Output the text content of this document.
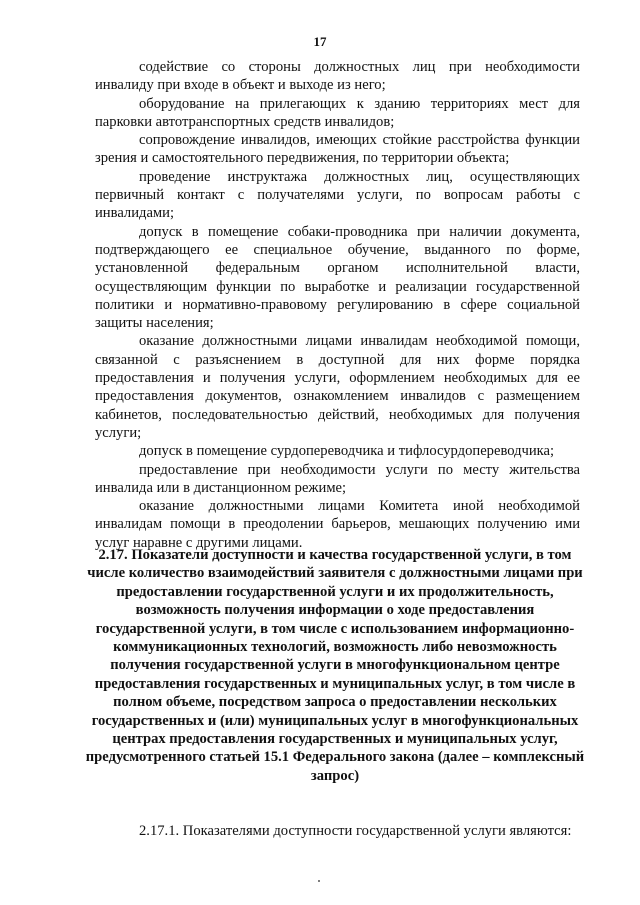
17

содействие со стороны должностных лиц при необходимости инвалиду при входе в объект и выходе из него;

оборудование на прилегающих к зданию территориях мест для парковки автотранспортных средств инвалидов;

сопровождение инвалидов, имеющих стойкие расстройства функции зрения и самостоятельного передвижения, по территории объекта;

проведение инструктажа должностных лиц, осуществляющих первичный контакт с получателями услуги, по вопросам работы с инвалидами;

допуск в помещение собаки-проводника при наличии документа, подтверждающего ее специальное обучение, выданного по форме, установленной федеральным органом исполнительной власти, осуществляющим функции по выработке и реализации государственной политики и нормативно-правовому регулированию в сфере социальной защиты населения;

оказание должностными лицами инвалидам необходимой помощи, связанной с разъяснением в доступной для них форме порядка предоставления и получения услуги, оформлением необходимых для ее предоставления документов, ознакомлением инвалидов с размещением кабинетов, последовательностью действий, необходимых для получения услуги;

допуск в помещение сурдопереводчика и тифлосурдопереводчика;

предоставление при необходимости услуги по месту жительства инвалида или в дистанционном режиме;

оказание должностными лицами Комитета иной необходимой инвалидам помощи в преодолении барьеров, мешающих получению ими услуг наравне с другими лицами.

2.17. Показатели доступности и качества государственной услуги, в том числе количество взаимодействий заявителя с должностными лицами при предоставлении государственной услуги и их продолжительность, возможность получения информации о ходе предоставления государственной услуги, в том числе с использованием информационно-коммуникационных технологий, возможность либо невозможность получения государственной услуги в многофункциональном центре предоставления государственных и муниципальных услуг, в том числе в полном объеме, посредством запроса о предоставлении нескольких государственных и (или) муниципальных услуг в многофункциональных центрах предоставления государственных и муниципальных услуг, предусмотренного статьей 15.1 Федерального закона (далее – комплексный запрос)

2.17.1. Показателями доступности государственной услуги являются:
